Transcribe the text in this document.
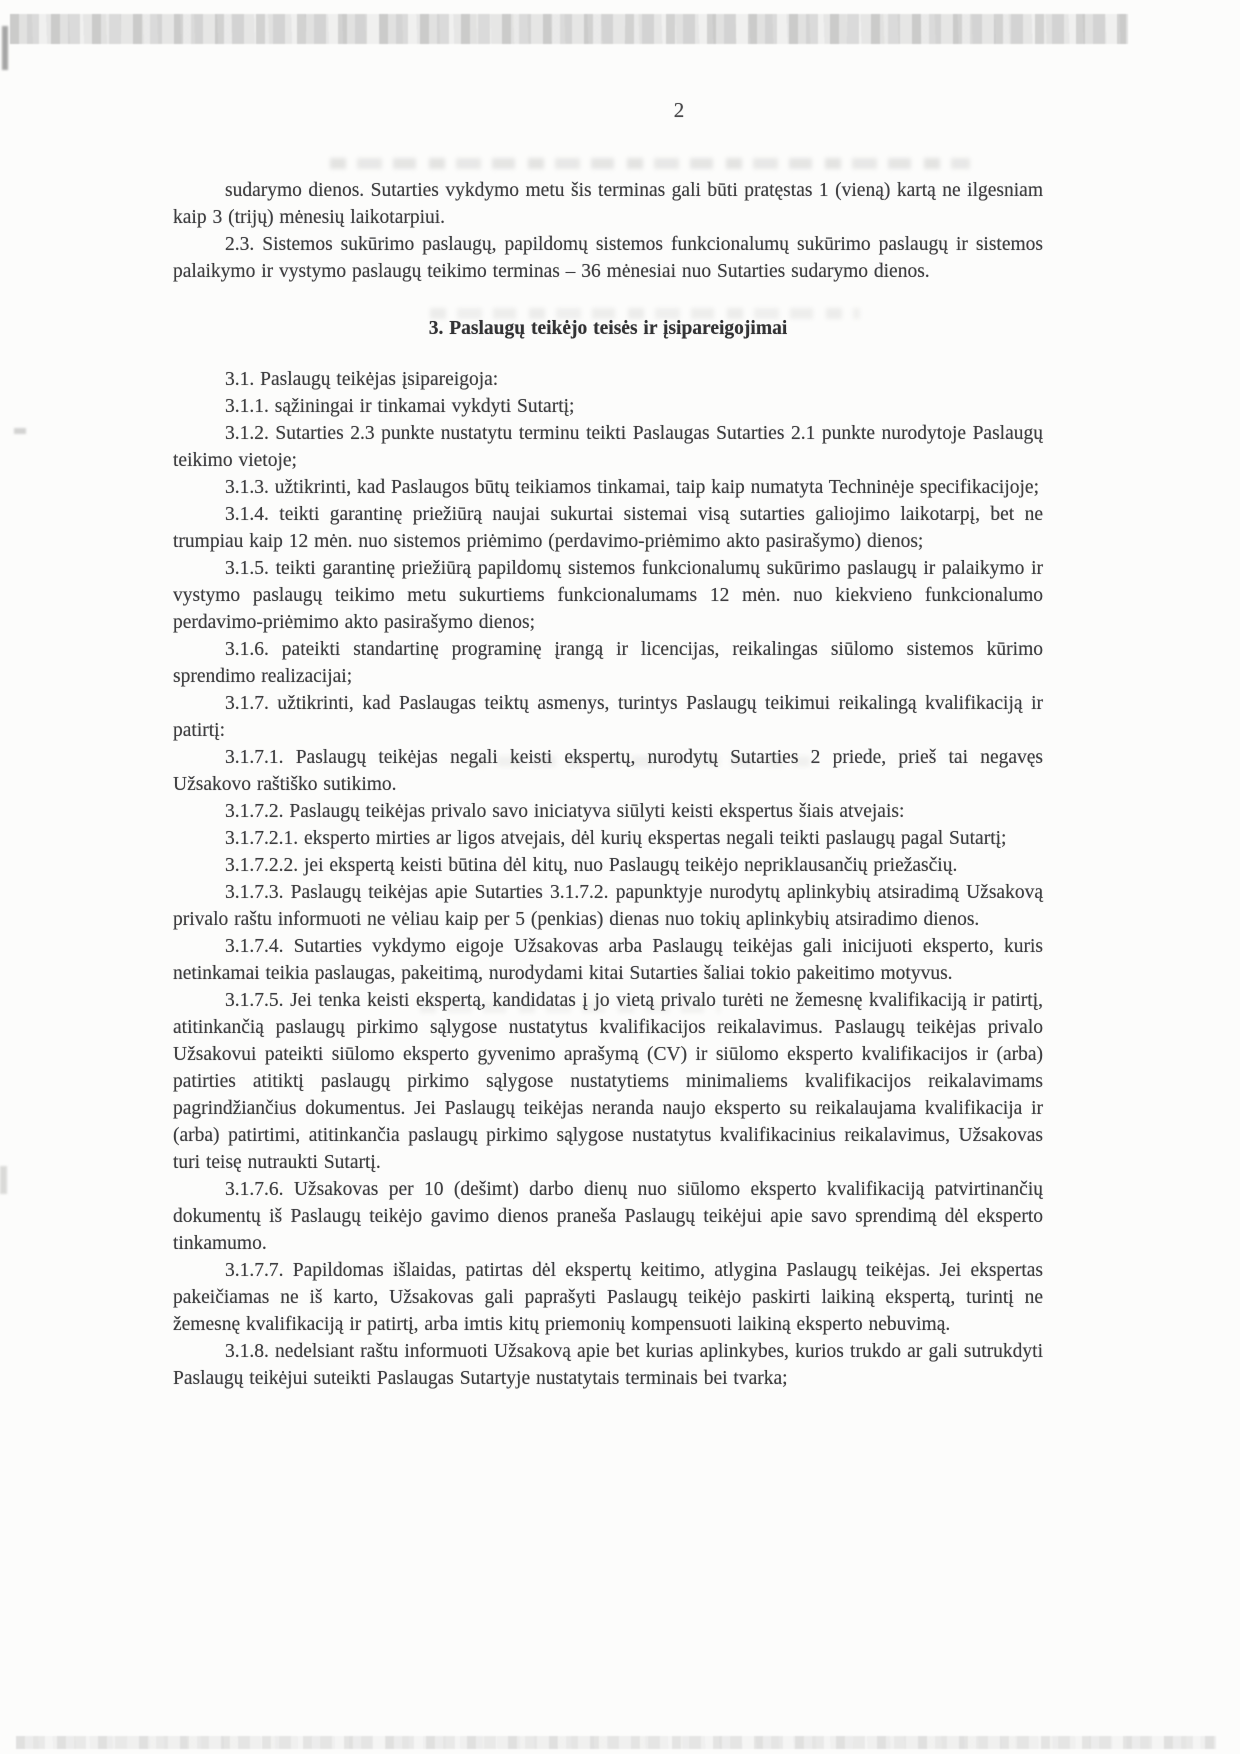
2

sudarymo dienos. Sutarties vykdymo metu šis terminas gali būti pratęstas 1 (vieną) kartą ne ilgesniam kaip 3 (trijų) mėnesių laikotarpiui.

2.3. Sistemos sukūrimo paslaugų, papildomų sistemos funkcionalumų sukūrimo paslaugų ir sistemos palaikymo ir vystymo paslaugų teikimo terminas – 36 mėnesiai nuo Sutarties sudarymo dienos.

3. Paslaugų teikėjo teisės ir įsipareigojimai

3.1. Paslaugų teikėjas įsipareigoja:

3.1.1. sąžiningai ir tinkamai vykdyti Sutartį;

3.1.2. Sutarties 2.3 punkte nustatytu terminu teikti Paslaugas Sutarties 2.1 punkte nurodytoje Paslaugų teikimo vietoje;

3.1.3. užtikrinti, kad Paslaugos būtų teikiamos tinkamai, taip kaip numatyta Techninėje specifikacijoje;

3.1.4. teikti garantinę priežiūrą naujai sukurtai sistemai visą sutarties galiojimo laikotarpį, bet ne trumpiau kaip 12 mėn. nuo sistemos priėmimo (perdavimo-priėmimo akto pasirašymo) dienos;

3.1.5. teikti garantinę priežiūrą papildomų sistemos funkcionalumų sukūrimo paslaugų ir palaikymo ir vystymo paslaugų teikimo metu sukurtiems funkcionalumams 12 mėn. nuo kiekvieno funkcionalumo perdavimo-priėmimo akto pasirašymo dienos;

3.1.6. pateikti standartinę programinę įrangą ir licencijas, reikalingas siūlomo sistemos kūrimo sprendimo realizacijai;

3.1.7. užtikrinti, kad Paslaugas teiktų asmenys, turintys Paslaugų teikimui reikalingą kvalifikaciją ir patirtį:

3.1.7.1. Paslaugų teikėjas negali keisti ekspertų, nurodytų Sutarties 2 priede, prieš tai negavęs Užsakovo raštiško sutikimo.

3.1.7.2. Paslaugų teikėjas privalo savo iniciatyva siūlyti keisti ekspertus šiais atvejais:

3.1.7.2.1. eksperto mirties ar ligos atvejais, dėl kurių ekspertas negali teikti paslaugų pagal Sutartį;

3.1.7.2.2. jei ekspertą keisti būtina dėl kitų, nuo Paslaugų teikėjo nepriklausančių priežasčių.

3.1.7.3. Paslaugų teikėjas apie Sutarties 3.1.7.2. papunktyje nurodytų aplinkybių atsiradimą Užsakovą privalo raštu informuoti ne vėliau kaip per 5 (penkias) dienas nuo tokių aplinkybių atsiradimo dienos.

3.1.7.4. Sutarties vykdymo eigoje Užsakovas arba Paslaugų teikėjas gali inicijuoti eksperto, kuris netinkamai teikia paslaugas, pakeitimą, nurodydami kitai Sutarties šaliai tokio pakeitimo motyvus.

3.1.7.5. Jei tenka keisti ekspertą, kandidatas į jo vietą privalo turėti ne žemesnę kvalifikaciją ir patirtį, atitinkančią paslaugų pirkimo sąlygose nustatytus kvalifikacijos reikalavimus. Paslaugų teikėjas privalo Užsakovui pateikti siūlomo eksperto gyvenimo aprašymą (CV) ir siūlomo eksperto kvalifikacijos ir (arba) patirties atitiktį paslaugų pirkimo sąlygose nustatytiems minimaliems kvalifikacijos reikalavimams pagrindžiančius dokumentus. Jei Paslaugų teikėjas neranda naujo eksperto su reikalaujama kvalifikacija ir (arba) patirtimi, atitinkančia paslaugų pirkimo sąlygose nustatytus kvalifikacinius reikalavimus, Užsakovas turi teisę nutraukti Sutartį.

3.1.7.6. Užsakovas per 10 (dešimt) darbo dienų nuo siūlomo eksperto kvalifikaciją patvirtinančių dokumentų iš Paslaugų teikėjo gavimo dienos praneša Paslaugų teikėjui apie savo sprendimą dėl eksperto tinkamumo.

3.1.7.7. Papildomas išlaidas, patirtas dėl ekspertų keitimo, atlygina Paslaugų teikėjas. Jei ekspertas pakeičiamas ne iš karto, Užsakovas gali paprašyti Paslaugų teikėjo paskirti laikiną ekspertą, turintį ne žemesnę kvalifikaciją ir patirtį, arba imtis kitų priemonių kompensuoti laikiną eksperto nebuvimą.

3.1.8. nedelsiant raštu informuoti Užsakovą apie bet kurias aplinkybes, kurios trukdo ar gali sutrukdyti Paslaugų teikėjui suteikti Paslaugas Sutartyje nustatytais terminais bei tvarka;
